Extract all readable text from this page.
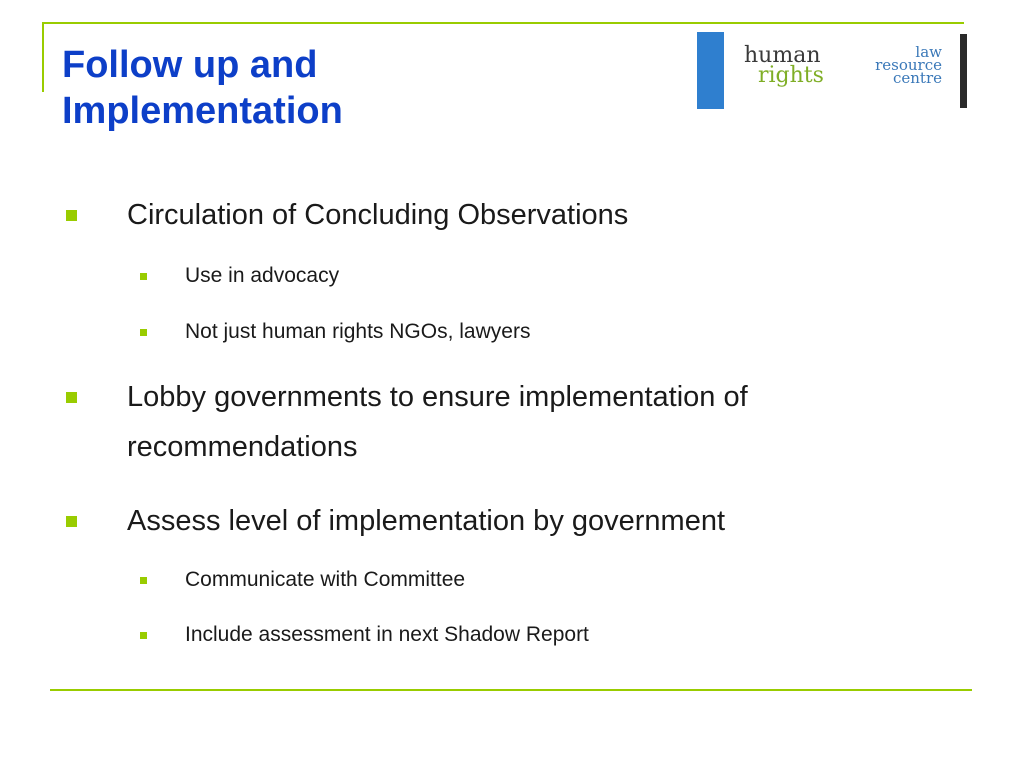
Follow up and
Implementation
human
rights
law
resource
centre
Circulation of Concluding Observations
Use in advocacy
Not just human rights NGOs, lawyers
Lobby governments to ensure implementation of recommendations
Assess level of implementation by government
Communicate with Committee
Include assessment in next Shadow Report
